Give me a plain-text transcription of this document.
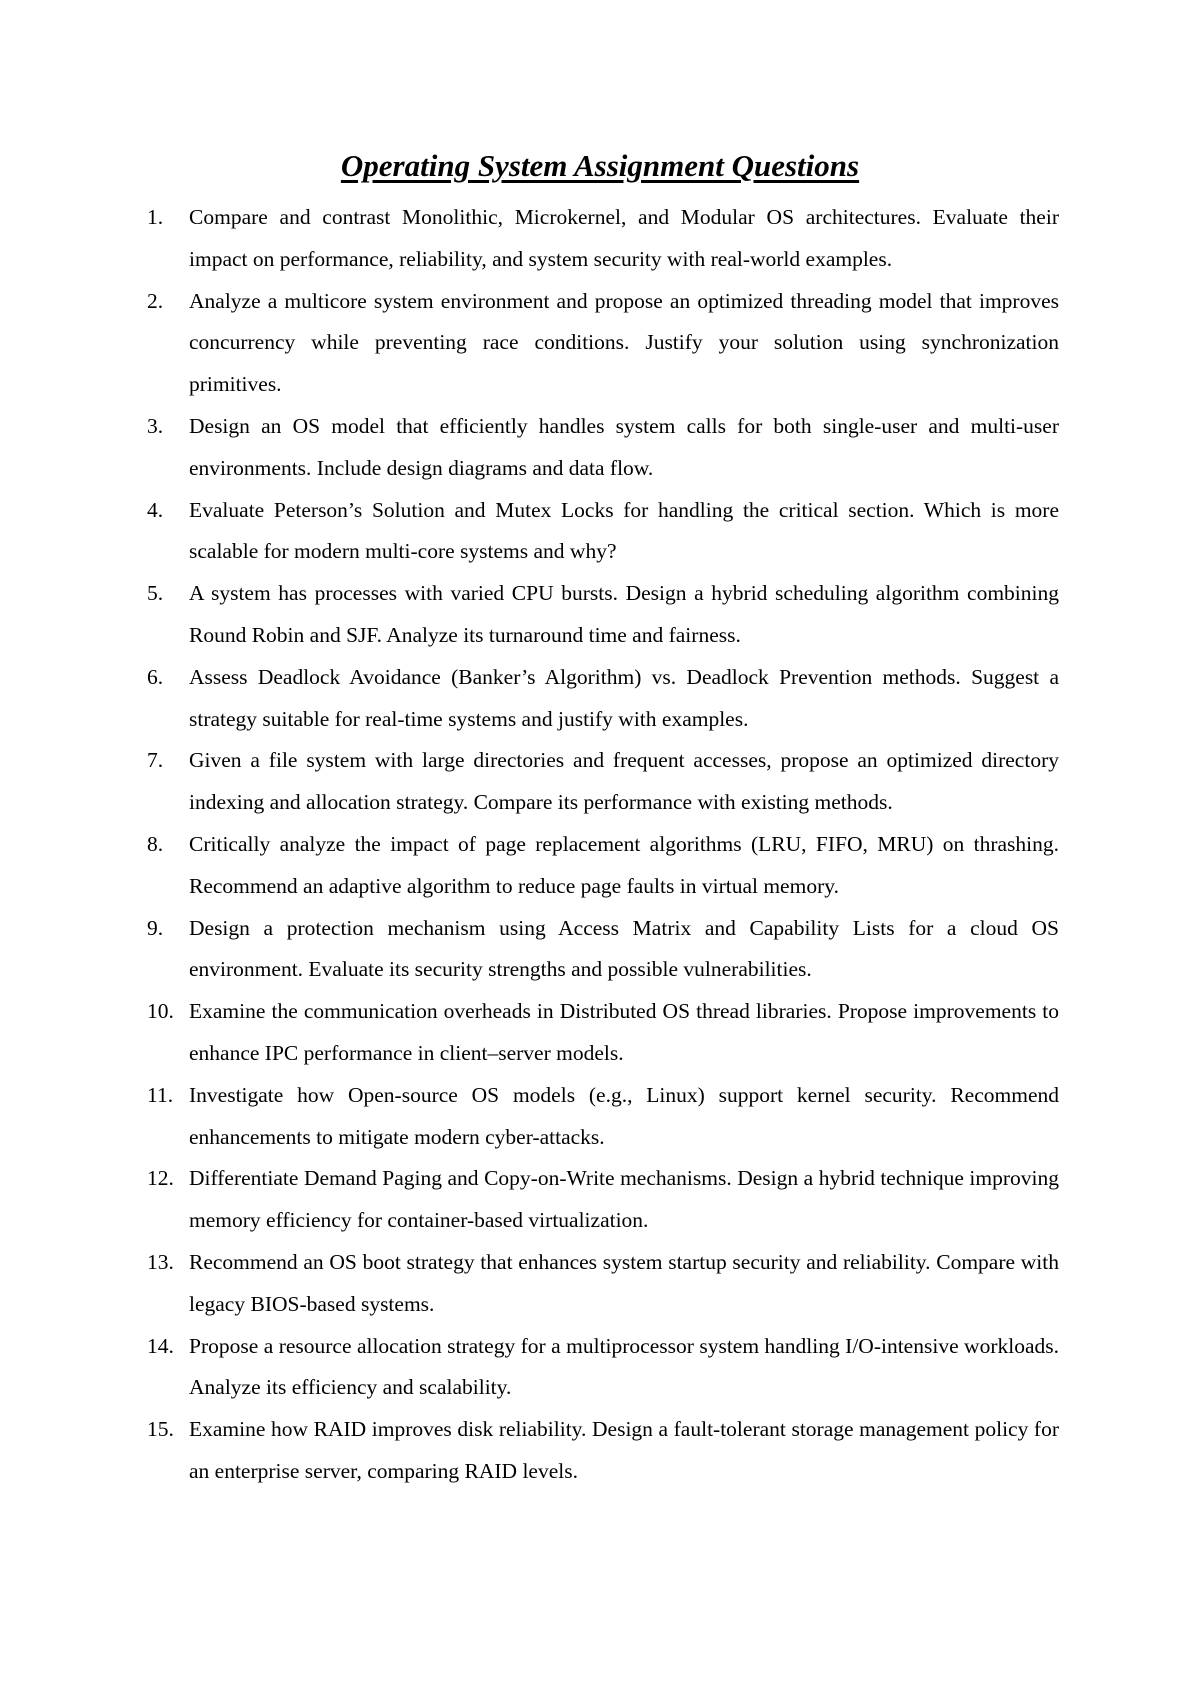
Operating System Assignment Questions
1.	Compare and contrast Monolithic, Microkernel, and Modular OS architectures. Evaluate their impact on performance, reliability, and system security with real-world examples.
2.	Analyze a multicore system environment and propose an optimized threading model that improves concurrency while preventing race conditions. Justify your solution using synchronization primitives.
3.	Design an OS model that efficiently handles system calls for both single-user and multi-user environments. Include design diagrams and data flow.
4.	Evaluate Peterson’s Solution and Mutex Locks for handling the critical section. Which is more scalable for modern multi-core systems and why?
5.	A system has processes with varied CPU bursts. Design a hybrid scheduling algorithm combining Round Robin and SJF. Analyze its turnaround time and fairness.
6.	Assess Deadlock Avoidance (Banker’s Algorithm) vs. Deadlock Prevention methods. Suggest a strategy suitable for real-time systems and justify with examples.
7.	Given a file system with large directories and frequent accesses, propose an optimized directory indexing and allocation strategy. Compare its performance with existing methods.
8.	Critically analyze the impact of page replacement algorithms (LRU, FIFO, MRU) on thrashing. Recommend an adaptive algorithm to reduce page faults in virtual memory.
9.	Design a protection mechanism using Access Matrix and Capability Lists for a cloud OS environment. Evaluate its security strengths and possible vulnerabilities.
10. Examine the communication overheads in Distributed OS thread libraries. Propose improvements to enhance IPC performance in client–server models.
11. Investigate how Open-source OS models (e.g., Linux) support kernel security. Recommend enhancements to mitigate modern cyber-attacks.
12. Differentiate Demand Paging and Copy-on-Write mechanisms. Design a hybrid technique improving memory efficiency for container-based virtualization.
13. Recommend an OS boot strategy that enhances system startup security and reliability. Compare with legacy BIOS-based systems.
14. Propose a resource allocation strategy for a multiprocessor system handling I/O-intensive workloads. Analyze its efficiency and scalability.
15. Examine how RAID improves disk reliability. Design a fault-tolerant storage management policy for an enterprise server, comparing RAID levels.
